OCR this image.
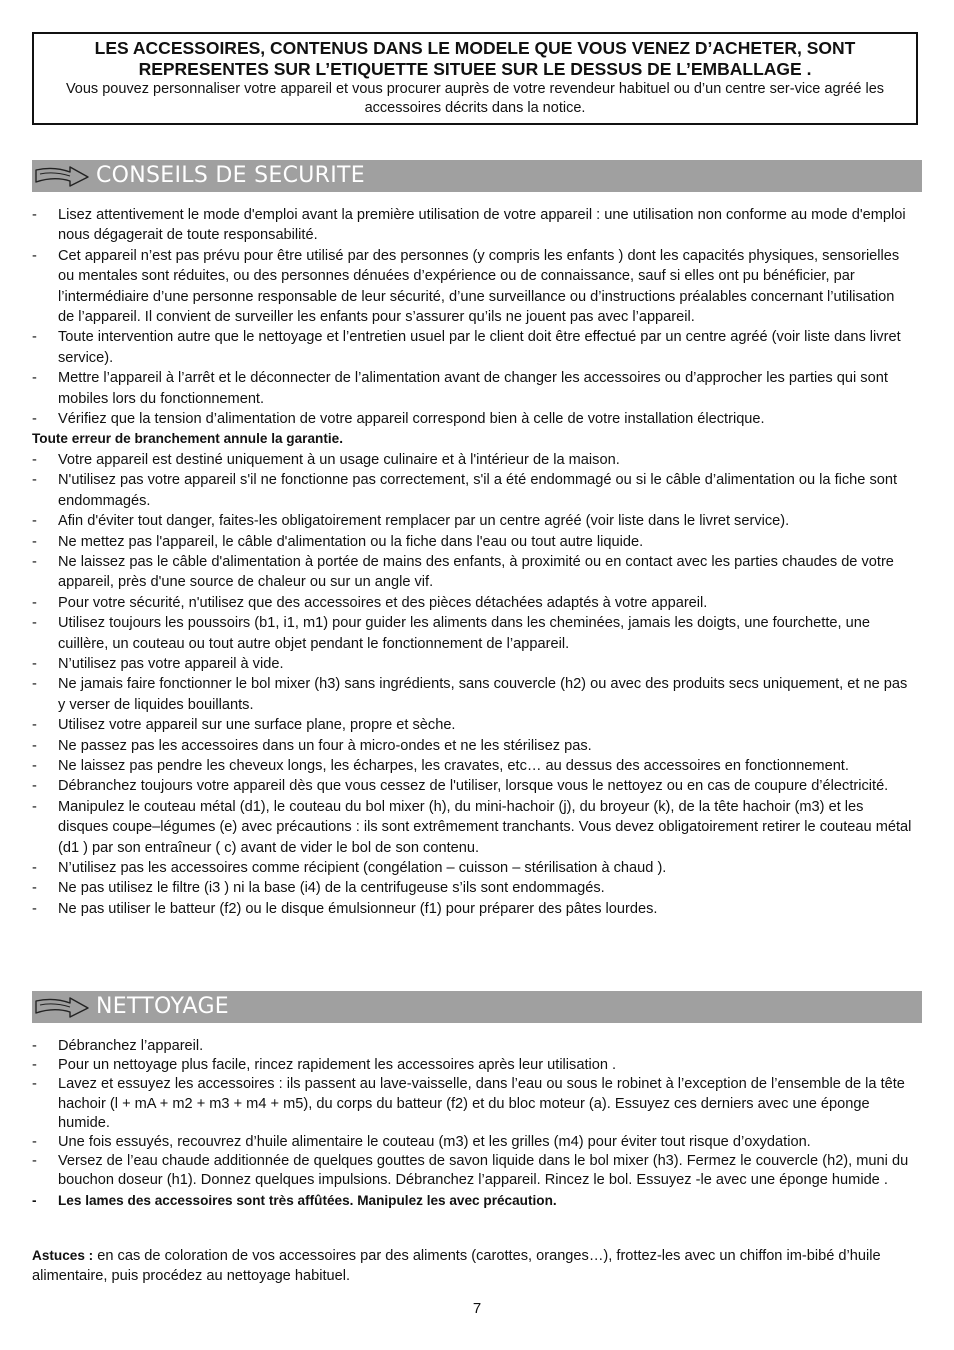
LES ACCESSOIRES, CONTENUS DANS LE MODELE QUE VOUS VENEZ D’ACHETER, SONT
REPRESENTES SUR L’ETIQUETTE SITUEE SUR LE DESSUS DE L’EMBALLAGE .
Vous pouvez personnaliser votre appareil et vous procurer auprès de votre revendeur habituel ou d’un centre ser-vice agréé les accessoires décrits dans la notice.
CONSEILS DE SECURITE
- Lisez attentivement le mode d'emploi avant la première utilisation de votre appareil : une utilisation non conforme au mode d'emploi nous dégagerait de toute responsabilité.
- Cet appareil n’est pas prévu pour être utilisé par des personnes (y compris les enfants ) dont les capacités physiques, sensorielles ou mentales sont réduites, ou des personnes dénuées d’expérience ou de connaissance, sauf si elles ont pu bénéficier, par l’intermédiaire d’une personne responsable de leur sécurité, d’une surveillance ou d’instructions préalables concernant l’utilisation de l’appareil. Il convient de surveiller les enfants pour s’assurer qu’ils ne jouent pas avec l’appareil.
- Toute intervention autre que le nettoyage et l’entretien usuel par le client doit être effectué par un centre agréé (voir liste dans livret service).
- Mettre l’appareil à l’arrêt et le déconnecter de l’alimentation avant de changer les accessoires ou d’approcher les parties qui sont mobiles lors du fonctionnement.
- Vérifiez que la tension d’alimentation de votre appareil correspond bien à celle de votre installation électrique.
Toute erreur de branchement annule la garantie.
- Votre appareil est destiné uniquement à un usage culinaire et à l'intérieur de la maison.
- N'utilisez pas votre appareil s'il ne fonctionne pas correctement, s'il a été endommagé ou si le câble d’alimentation ou la fiche sont endommagés.
- Afin d'éviter tout danger, faites-les obligatoirement remplacer par un centre agréé (voir liste dans le livret service).
- Ne mettez pas l'appareil, le câble d'alimentation ou la fiche dans l'eau ou tout autre liquide.
- Ne laissez pas le câble d'alimentation à portée de mains des enfants, à proximité ou en contact avec les parties chaudes de votre appareil, près d'une source de chaleur ou sur un angle vif.
- Pour votre sécurité, n'utilisez que des accessoires et des pièces détachées adaptés à votre appareil.
- Utilisez toujours les poussoirs (b1, i1, m1) pour guider les aliments dans les cheminées, jamais les doigts, une fourchette, une cuillère, un couteau ou tout autre objet pendant le fonctionnement de l’appareil.
- N’utilisez pas votre appareil à vide.
- Ne jamais faire fonctionner le bol mixer (h3) sans ingrédients, sans couvercle (h2) ou avec des produits secs uniquement, et ne pas y verser de liquides bouillants.
- Utilisez votre appareil sur une surface plane, propre et sèche.
- Ne passez pas les accessoires dans un four à micro-ondes et ne les stérilisez pas.
- Ne laissez pas pendre les cheveux longs, les écharpes, les cravates, etc… au dessus des accessoires en fonctionnement.
- Débranchez toujours votre appareil dès que vous cessez de l'utiliser, lorsque vous le nettoyez ou en cas de coupure d’électricité.
- Manipulez le couteau métal (d1), le couteau du bol mixer (h), du mini-hachoir (j), du broyeur (k), de la tête hachoir (m3) et les disques coupe–légumes (e) avec précautions : ils sont extrêmement tranchants. Vous devez obligatoirement retirer le couteau métal (d1 ) par son entraîneur ( c) avant de vider le bol de son contenu.
- N’utilisez pas les accessoires comme récipient (congélation – cuisson – stérilisation à chaud ).
- Ne pas utilisez le filtre (i3 ) ni la base (i4) de la centrifugeuse s’ils sont endommagés.
- Ne pas utiliser le batteur (f2) ou le disque émulsionneur (f1) pour préparer des pâtes lourdes.
NETTOYAGE
- Débranchez l’appareil.
- Pour un nettoyage plus facile, rincez rapidement les accessoires après leur utilisation .
- Lavez et essuyez les accessoires : ils passent au lave-vaisselle, dans l’eau ou sous le robinet à l’exception de l’ensemble de la tête hachoir (l + mA + m2 + m3 + m4 + m5), du corps du batteur (f2) et du bloc moteur (a). Essuyez ces derniers avec une éponge humide.
- Une fois essuyés, recouvrez d’huile alimentaire le couteau (m3) et les grilles (m4) pour éviter tout risque d’oxydation.
- Versez de l’eau chaude additionnée de quelques gouttes de savon liquide dans le bol mixer (h3). Fermez le couvercle (h2), muni du bouchon doseur (h1). Donnez quelques impulsions. Débranchez l’appareil. Rincez le bol. Essuyez -le avec une éponge humide .
- Les lames des accessoires sont très affûtées. Manipulez les avec précaution.
Astuces : en cas de coloration de vos accessoires par des aliments (carottes, oranges…), frottez-les avec un chiffon im-bibé d’huile alimentaire, puis procédez au nettoyage habituel.
7
